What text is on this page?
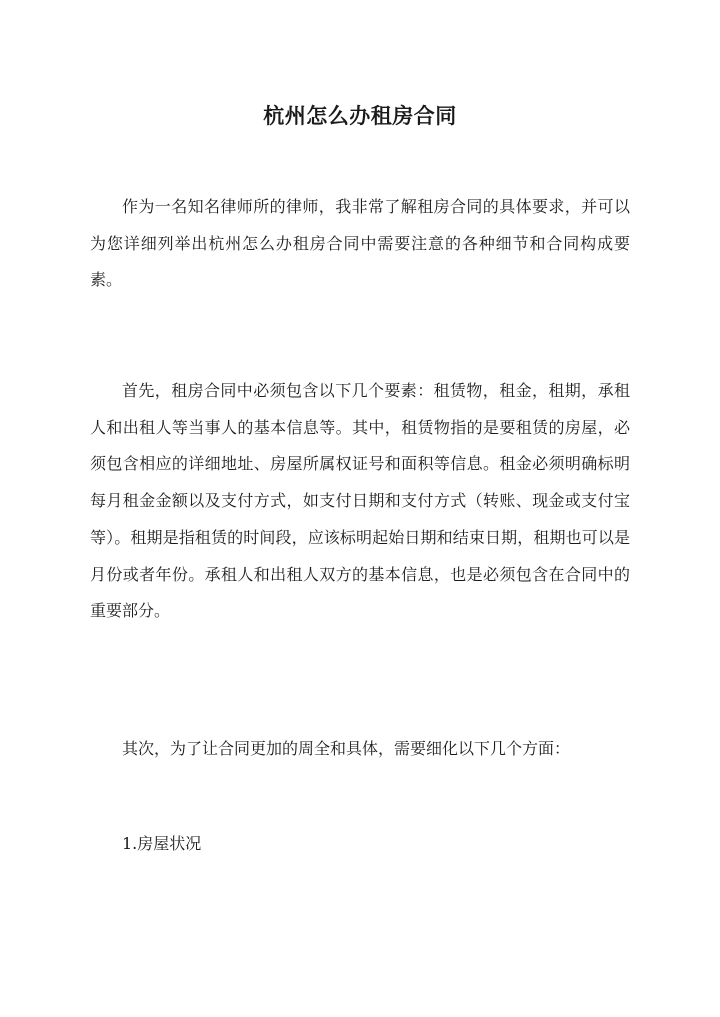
杭州怎么办租房合同

作为一名知名律师所的律师，我非常了解租房合同的具体要求，并可以为您详细列举出杭州怎么办租房合同中需要注意的各种细节和合同构成要素。

首先，租房合同中必须包含以下几个要素：租赁物，租金，租期，承租人和出租人等当事人的基本信息等。其中，租赁物指的是要租赁的房屋，必须包含相应的详细地址、房屋所属权证号和面积等信息。租金必须明确标明每月租金金额以及支付方式，如支付日期和支付方式（转账、现金或支付宝等）。租期是指租赁的时间段，应该标明起始日期和结束日期，租期也可以是月份或者年份。承租人和出租人双方的基本信息，也是必须包含在合同中的重要部分。

其次，为了让合同更加的周全和具体，需要细化以下几个方面：

1.房屋状况
